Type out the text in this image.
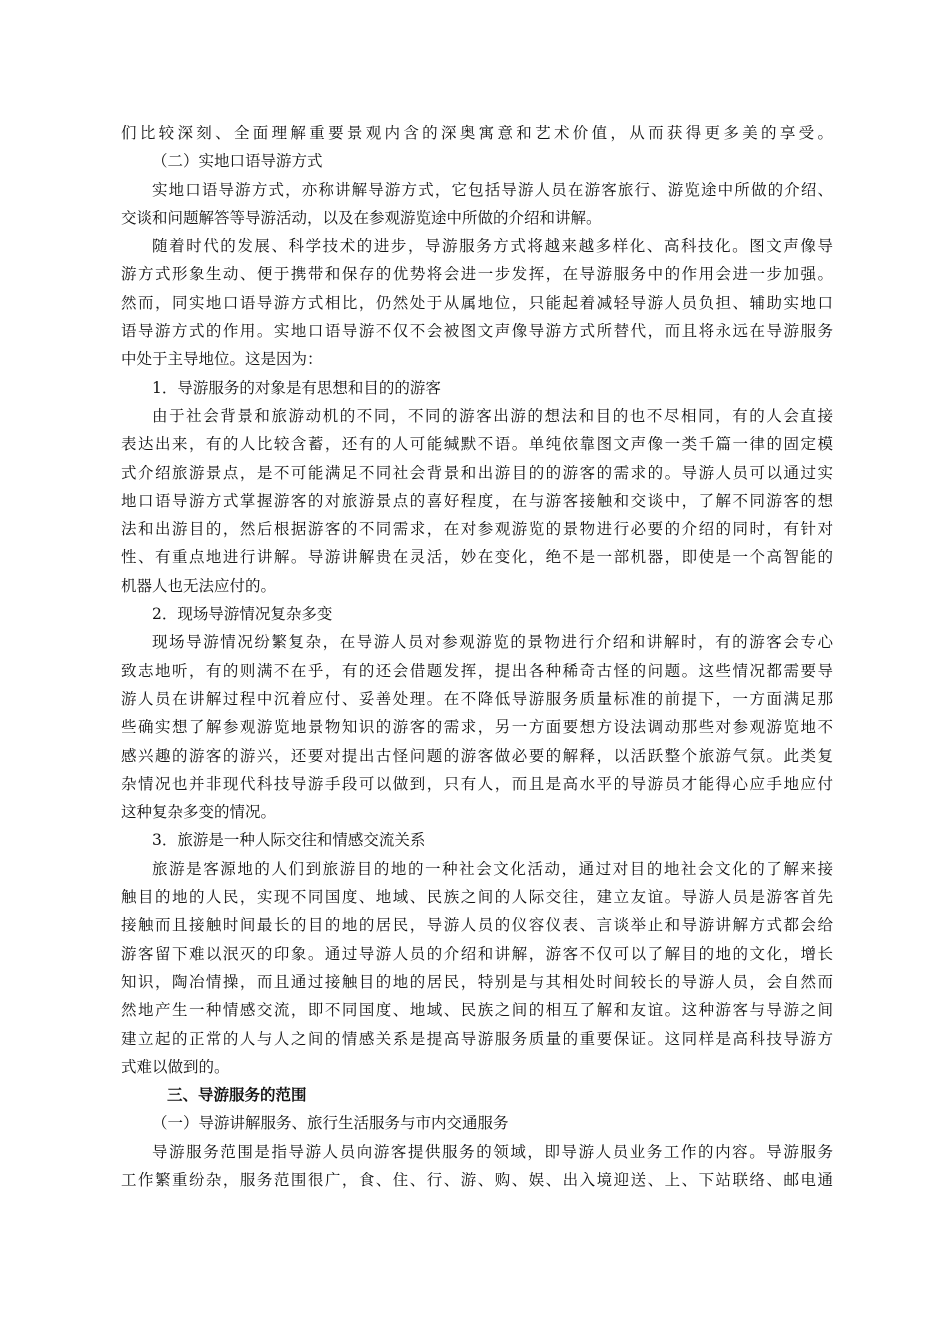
们比较深刻、全面理解重要景观内含的深奥寓意和艺术价值，从而获得更多美的享受。
（二）实地口语导游方式
实地口语导游方式，亦称讲解导游方式，它包括导游人员在游客旅行、游览途中所做的介绍、
交谈和问题解答等导游活动，以及在参观游览途中所做的介绍和讲解。
随着时代的发展、科学技术的进步，导游服务方式将越来越多样化、高科技化。图文声像导
游方式形象生动、便于携带和保存的优势将会进一步发挥，在导游服务中的作用会进一步加强。
然而，同实地口语导游方式相比，仍然处于从属地位，只能起着减轻导游人员负担、辅助实地口
语导游方式的作用。实地口语导游不仅不会被图文声像导游方式所替代，而且将永远在导游服务
中处于主导地位。这是因为：
1．导游服务的对象是有思想和目的的游客
由于社会背景和旅游动机的不同，不同的游客出游的想法和目的也不尽相同，有的人会直接
表达出来，有的人比较含蓄，还有的人可能缄默不语。单纯依靠图文声像一类千篇一律的固定模
式介绍旅游景点，是不可能满足不同社会背景和出游目的的游客的需求的。导游人员可以通过实
地口语导游方式掌握游客的对旅游景点的喜好程度，在与游客接触和交谈中，了解不同游客的想
法和出游目的，然后根据游客的不同需求，在对参观游览的景物进行必要的介绍的同时，有针对
性、有重点地进行讲解。导游讲解贵在灵活，妙在变化，绝不是一部机器，即使是一个高智能的
机器人也无法应付的。
2．现场导游情况复杂多变
现场导游情况纷繁复杂，在导游人员对参观游览的景物进行介绍和讲解时，有的游客会专心
致志地听，有的则满不在乎，有的还会借题发挥，提出各种稀奇古怪的问题。这些情况都需要导
游人员在讲解过程中沉着应付、妥善处理。在不降低导游服务质量标准的前提下，一方面满足那
些确实想了解参观游览地景物知识的游客的需求，另一方面要想方设法调动那些对参观游览地不
感兴趣的游客的游兴，还要对提出古怪问题的游客做必要的解释，以活跃整个旅游气氛。此类复
杂情况也并非现代科技导游手段可以做到，只有人，而且是高水平的导游员才能得心应手地应付
这种复杂多变的情况。
3．旅游是一种人际交往和情感交流关系
旅游是客源地的人们到旅游目的地的一种社会文化活动，通过对目的地社会文化的了解来接
触目的地的人民，实现不同国度、地域、民族之间的人际交往，建立友谊。导游人员是游客首先
接触而且接触时间最长的目的地的居民，导游人员的仪容仪表、言谈举止和导游讲解方式都会给
游客留下难以泯灭的印象。通过导游人员的介绍和讲解，游客不仅可以了解目的地的文化，增长
知识，陶冶情操，而且通过接触目的地的居民，特别是与其相处时间较长的导游人员，会自然而
然地产生一种情感交流，即不同国度、地域、民族之间的相互了解和友谊。这种游客与导游之间
建立起的正常的人与人之间的情感关系是提高导游服务质量的重要保证。这同样是高科技导游方
式难以做到的。
三、导游服务的范围
（一）导游讲解服务、旅行生活服务与市内交通服务
导游服务范围是指导游人员向游客提供服务的领域，即导游人员业务工作的内容。导游服务
工作繁重纷杂，服务范围很广，食、住、行、游、购、娱、出入境迎送、上、下站联络、邮电通
